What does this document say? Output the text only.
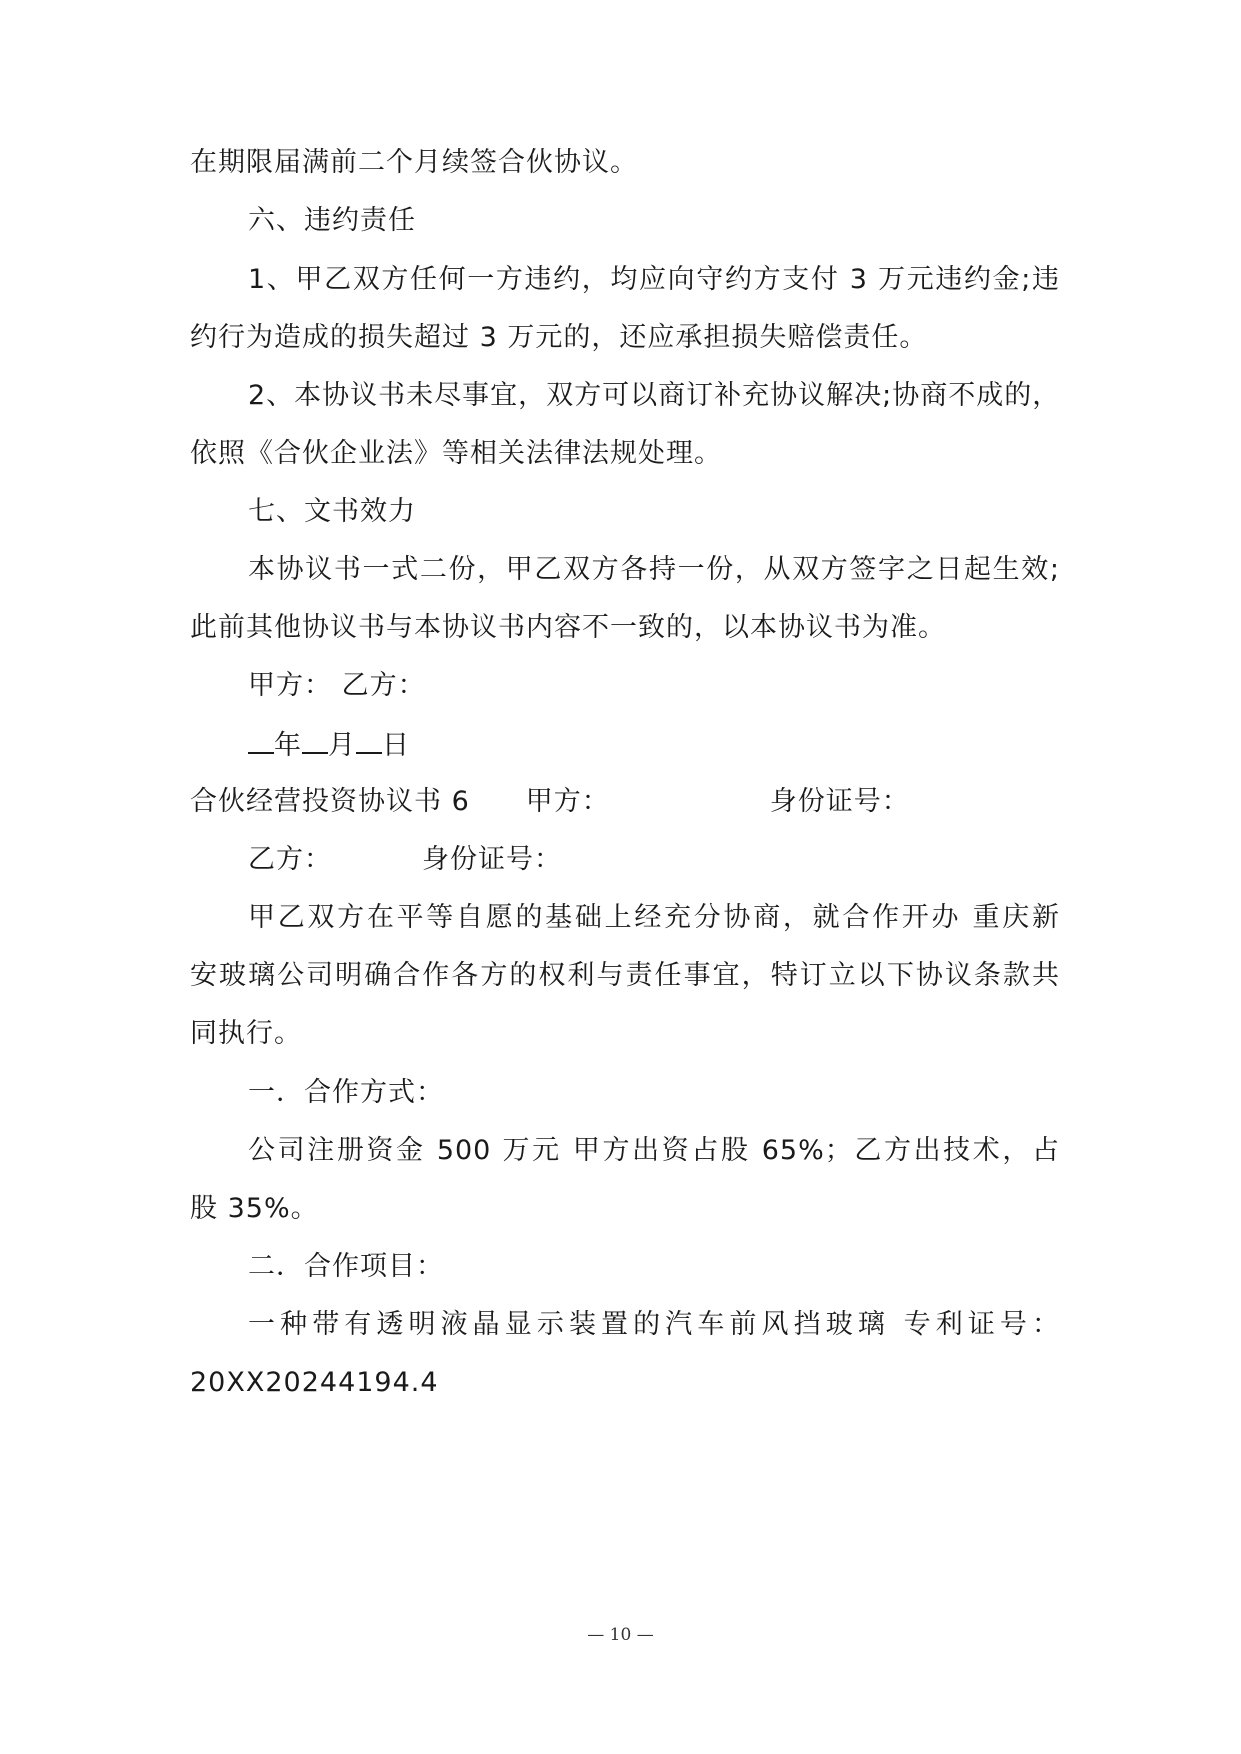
在期限届满前二个月续签合伙协议。
六、违约责任
1、甲乙双方任何一方违约，均应向守约方支付 3 万元违约金;违
约行为造成的损失超过 3 万元的，还应承担损失赔偿责任。
2、本协议书未尽事宜，双方可以商订补充协议解决;协商不成的，
依照《合伙企业法》等相关法律法规处理。
七、文书效力
本协议书一式二份，甲乙双方各持一份，从双方签字之日起生效;
此前其他协议书与本协议书内容不一致的，以本协议书为准。
甲方： 乙方：
年 月 日
合伙经营投资协议书 6 甲方：	身份证号：
乙方：	身份证号：
甲乙双方在平等自愿的基础上经充分协商，就合作开办 重庆新
安玻璃公司明确合作各方的权利与责任事宜，特订立以下协议条款共
同执行。
一．合作方式：
公司注册资金 500 万元 甲方出资占股 65%；乙方出技术，占
股 35%。
二．合作项目：
一种带有透明液晶显示装置的汽车前风挡玻璃 专利证号：
20XX20244194.4
— 10 —
